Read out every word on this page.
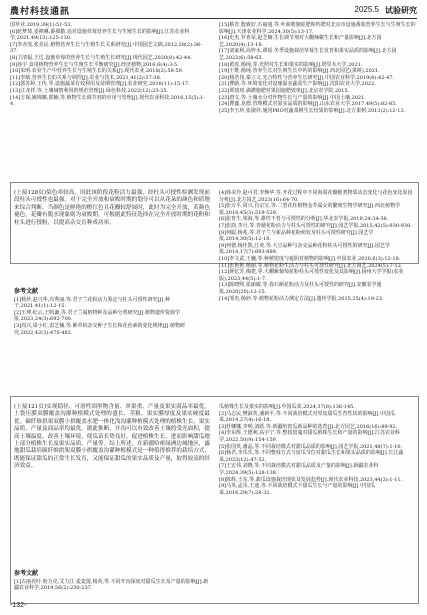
農村科技通訊	2025.5 试验研究

国草业,2019,39(1):51-53.

[6]轮梦琦,姜禅琳,番那勤.追对设施草莓营养生长与生殖生长的影响[J].江苏农业科学,2021,49(13):125-130.

[7]李赤茂,张美民.植物营养生长与生殖生长关系研究[J].中国园艺文摘,2012,28(2):36-37.

[8]卫清福,王达.设施草莓的营养生长与生殖生长研究[J].现代园艺,2020(8):42-44.

[9]孙宇.食用植物营养生长与生殖生长平衡研究[J].经济植物,2016,6(4):3-5.

[10]朱明.农业生产中营养生长与生殖生长的关系[J].现代农业,2018(2):58-59.

[11]李敏.营养生长的关系与调控[J].农业与技术,2021,41(2):37-38.

[12]郭苏婷,王传,等.设施蔬菜有效利用及苗期管理[J].农业研究,2018(11):15-17.

[13]汪龙祥,等.土壤墒情利用的规范管理[J].绿色科技,2022(12):23-25.

[14]方琛,姚锦娜,郭楠,等.植物生长调节剂的应用与管理[J].现代农业科技,2016,15(5):1-4.

[15]蔡青,殷致好,石丽通,等.叶面喷施硅肥和钙肥对北京市设施番茄营养生长与生殖生长的影响[J].天津农业科学,2024,30(5):13-17.

[16]史杰,罗喜荣,赵芝楠.生长调节剂对大棚辣椒生长和产量影响[J].北方园艺,2020(4):13-18.

[17]刘家利,高梓水,谭瑶.冬季设施栽培草莓生长发育和果实品质的影响[J].北方园艺,2022(6):58-63.

[18]黄虎,杨纯,等.光照对生长和果实的影响[J].塔里木大学,2021.

[19]王维,杨纯.营养生长对生殖生长中钙的影响[J].西北园艺(果树),2021.

[20]杨浩伟,秦立文.光合特性与营养生长研究[J].中国农业科学,2019(8):42-47.

[21]曹路,等.环境变化对设施温室蔬菜生产影响[J].沈阳农业大学,2022.

[22]贾琦琦.滴灌施肥对果园施肥效率[J].北京农学院,2015.

[23]唐文,等.土壤水分对作物生长与产量的影响[J].中国土壤,2021.

[24]曹鑫,龙德.管理模式对果实品质的影响[J].山东农业大学,2017,49(5):82-85.

[25]李玉珍,张淑祥.施用PBO对蔬菜桃生长结果的影响[J].北方果树,2013(2):12-13.

(上接128页)染色率较高，因此该阶段花粉活力最强，经杜头可授性检测发现前段柱头可授性也最强。对于完全开放和衰败时期的划分可以从花朵的颜色和质地来综合判断，当颜色是鲜艳的橙红色且花瓣较舒展时，此时为完全开放，若颜色褪色，花瓣有脱水现象则为衰败期。可根据此特征选择在完全开放时期的花粉和柱头进行授粉，以提高杂交育种成功率。
参考文献

[1]杨珍,赵兴华,冯秀丽,等.君子兰花粉活力鉴定与柱头可授性研究[J].种子,2021,41(1):12-15.

[2]王坤,纪云,王鸣谦,等.君子兰属植物种及品种分类研究[J].植物遗传资源学报,2023,24(3):692-700.

[3]周兴,周小红,雷芝楠,等.紫草柏杂交种子生长和花色素的变化规律[J].植物研究,2022,42(3):475-482.

[4]韩美玲,赵可君,李焕华,等.开花过程中不同海棠花瓣酚类物质动态变化与花色变化原因分析[J].北方园艺,2023(16):64-70.

[5]张万平,周兴,肖宗宝,等.二型花柱植物金芥属女的繁殖生物学研究[J].西北植物学报,2018,45(3):519-529.

[6]张育生,梁海,等.雄性不育与可授性的分析[J].华北农学报,2019,24:34-38.

[7]张韵,李月,等.青梗花粉活力与柱头可授性的研究[J].园艺学报,2015,42(5):930-938.

[8]何聪,杨兆,等.君子兰与新品种花粉萌发及柱头可授性研究[J].园艺学报,2014,30(5):12-18.

[9]何德,杨佳凯,江奕,等.大豆品种与杂交品种花粉柱头可授性的研究[J].园艺学报,2014,17(7):893-889.

[10]李文武,王巍,等.种植密度与遮阴对植物的影响[J].中国农业,2020,6(3):12-18.

[11]张艳艳,杨丽,等.植物花粉生活力与柱头可授性研究[J].北方园艺,2024(5):7-12.

[12]蒋忆芳,梅建,等.大棚紫葡萄花粉柱头可授性变化及其影响[J].扬州大学学报(农业版),2023,44(5):1-7.

[13]陈晓熙,张丽敏,等.春石斛花粉活力及柱头可授性的研究[J].安徽农学通报,2020(20):12-15.

[14]邹杰,杨妙,等.植物花粉活力测定方法[J].遗传学报,2015,25(4):19-23.

(上接121页)实现稳径、可溶性固形物含量、单果重、产量及果实商品率最优。土袋压膜双膜覆盖沟灌种植模式处理的盛长、茎粗、果实膜厚度及果实硬度最优。碳纤维拱架双膜小拱覆盖水肥一体化浅沟灌种植模式处理的植株生长、果实品质、产量及商品率均最优。据此推断，开沟可以有效改善土壤的受光面积，提高土壤温度，改善土壤环境，使瓜苗长势良好，促进植株生长，进而影响甜瓜地上部分植株生长及果实品质、产量等。综上所述，在新疆哈密绿洲边城地区，露地甜瓜栽培碳纤维拱架双膜小拱覆盖沟灌种植模式是一种值得推荐的栽培方式，既能保证甜瓜的正常生长发育，又能保证甜瓜的果实品质及产量，取得较高的经济效益。
参考文献

[1]古丽孜叶·哈力克,艾力江·麦麦提,杨英,等.不同开沟深度对甜瓜生长及产量的影响[J].新疆农业科学,2019,56(2):230-237.

瓜植株生长及果实的影响[J].中国瓜菜,2024,37(8):136-145.

[2]马志民,樊淑英,潘新平,等.不同栽培模式对厚皮甜瓜生育性状的影响[J].中国瓜菜,2014,27(4):16-18.

[3]杜娜娜,李明,刘跃,等.新疆哈密瓜新品种的选育[J].北方园艺,2016(16):89-92.

[4]李东辉,王德利,高宇宁,等.整枝留蔓对甜瓜植株生长和产量的影响[J].江苏农业科学,2022,50(9):154-159.

[5]张国英,潘晶,等.不同栽培模式对甜瓜品质的影响[J].园艺学报,2021,48(7):1-10.

[6]杨君,李乐乐,等.不同整枝方式与留瓜节位对甜瓜生长和果实品质的影响[J].长江蔬菜,2023(12):47-52.

[7]王宏伟,刘晓,等.不同栽培模式对甜瓜品质及产量的影响[J].新疆农业科学,2024,39(5):128-138.

[8]陈辉,王东,等.甜瓜设施栽培现状及发展趋势[J].现代农业科技,2023,44(3):1-11.

[9]马英,孟乐,王迪,等.不同栽培模式下甜瓜生长与产量的影响[J].中国瓜菜,2016,29(7):28-32.

-132-
